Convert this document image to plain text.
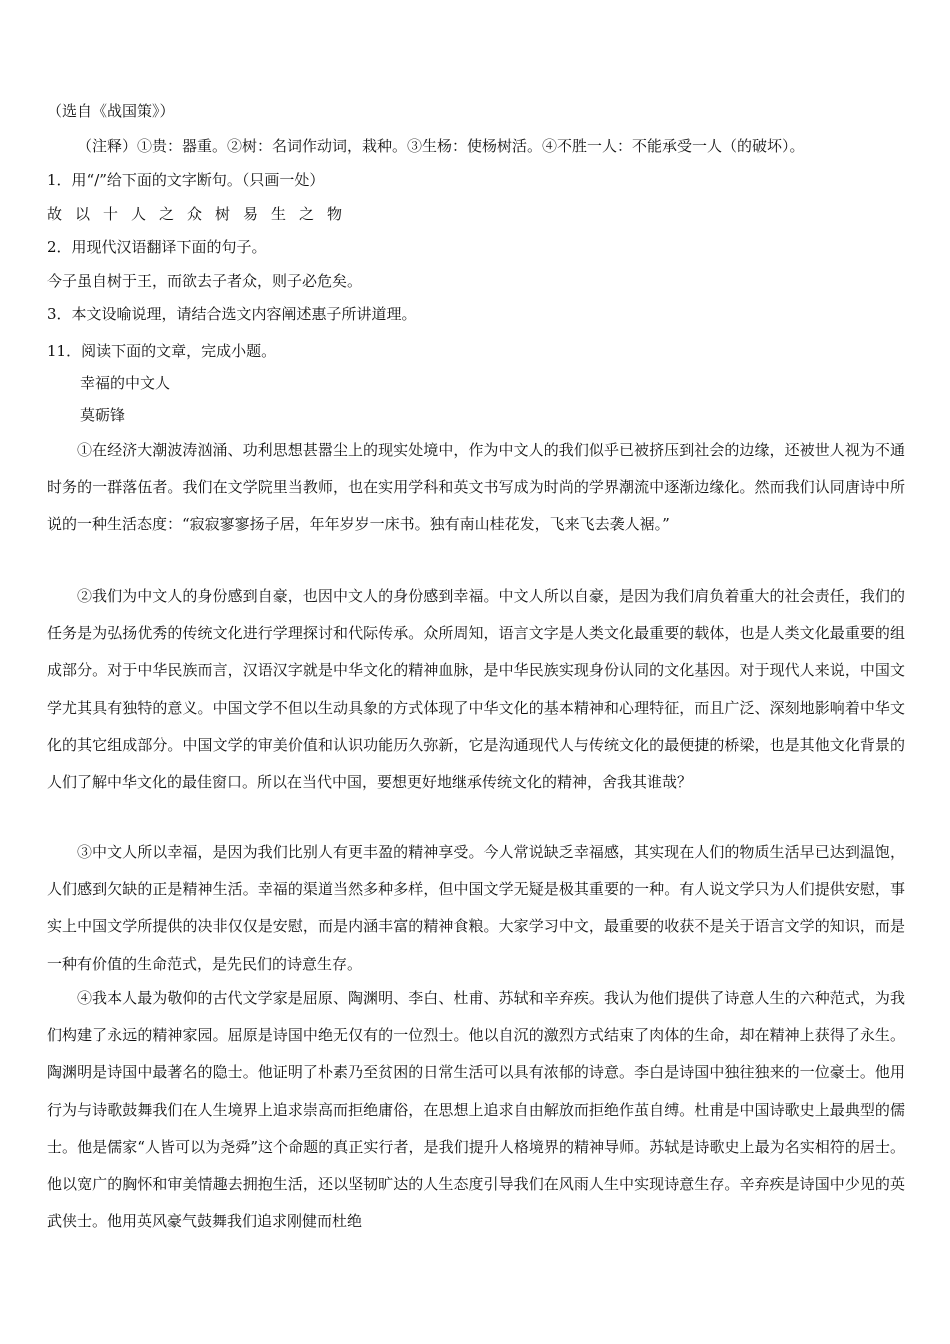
（选自《战国策》）
（注释）①贵：器重。②树：名词作动词，栽种。③生杨：使杨树活。④不胜一人：不能承受一人（的破坏）。
1．用“/”给下面的文字断句。（只画一处）
故以十人之众树易生之物
2．用现代汉语翻译下面的句子。
今子虽自树于王，而欲去子者众，则子必危矣。
3．本文设喻说理，请结合选文内容阐述惠子所讲道理。
11．阅读下面的文章，完成小题。
幸福的中文人
莫砺锋
①在经济大潮波涛汹涌、功利思想甚嚣尘上的现实处境中，作为中文人的我们似乎已被挤压到社会的边缘，还被世人视为不通时务的一群落伍者。我们在文学院里当教师，也在实用学科和英文书写成为时尚的学界潮流中逐渐边缘化。然而我们认同唐诗中所说的一种生活态度：“寂寂寥寥扬子居，年年岁岁一床书。独有南山桂花发，飞来飞去袭人裾。”
②我们为中文人的身份感到自豪，也因中文人的身份感到幸福。中文人所以自豪，是因为我们肩负着重大的社会责任，我们的任务是为弘扬优秀的传统文化进行学理探讨和代际传承。众所周知，语言文字是人类文化最重要的载体，也是人类文化最重要的组成部分。对于中华民族而言，汉语汉字就是中华文化的精神血脉，是中华民族实现身份认同的文化基因。对于现代人来说，中国文学尤其具有独特的意义。中国文学不但以生动具象的方式体现了中华文化的基本精神和心理特征，而且广泛、深刻地影响着中华文化的其它组成部分。中国文学的审美价值和认识功能历久弥新，它是沟通现代人与传统文化的最便捷的桥梁，也是其他文化背景的人们了解中华文化的最佳窗口。所以在当代中国，要想更好地继承传统文化的精神，舍我其谁哉？
③中文人所以幸福，是因为我们比别人有更丰盈的精神享受。今人常说缺乏幸福感，其实现在人们的物质生活早已达到温饱，人们感到欠缺的正是精神生活。幸福的渠道当然多种多样，但中国文学无疑是极其重要的一种。有人说文学只为人们提供安慰，事实上中国文学所提供的决非仅仅是安慰，而是内涵丰富的精神食粮。大家学习中文，最重要的收获不是关于语言文学的知识，而是一种有价值的生命范式，是先民们的诗意生存。
④我本人最为敬仰的古代文学家是屈原、陶渊明、李白、杜甫、苏轼和辛弃疾。我认为他们提供了诗意人生的六种范式，为我们构建了永远的精神家园。屈原是诗国中绝无仅有的一位烈士。他以自沉的激烈方式结束了肉体的生命，却在精神上获得了永生。陶渊明是诗国中最著名的隐士。他证明了朴素乃至贫困的日常生活可以具有浓郁的诗意。李白是诗国中独往独来的一位豪士。他用行为与诗歌鼓舞我们在人生境界上追求崇高而拒绝庸俗，在思想上追求自由解放而拒绝作茧自缚。杜甫是中国诗歌史上最典型的儒士。他是儒家“人皆可以为尧舜”这个命题的真正实行者，是我们提升人格境界的精神导师。苏轼是诗歌史上最为名实相符的居士。他以宽广的胸怀和审美情趣去拥抱生活，还以坚韧旷达的人生态度引导我们在风雨人生中实现诗意生存。辛弃疾是诗国中少见的英武侠士。他用英风豪气鼓舞我们追求刚健而杜绝
